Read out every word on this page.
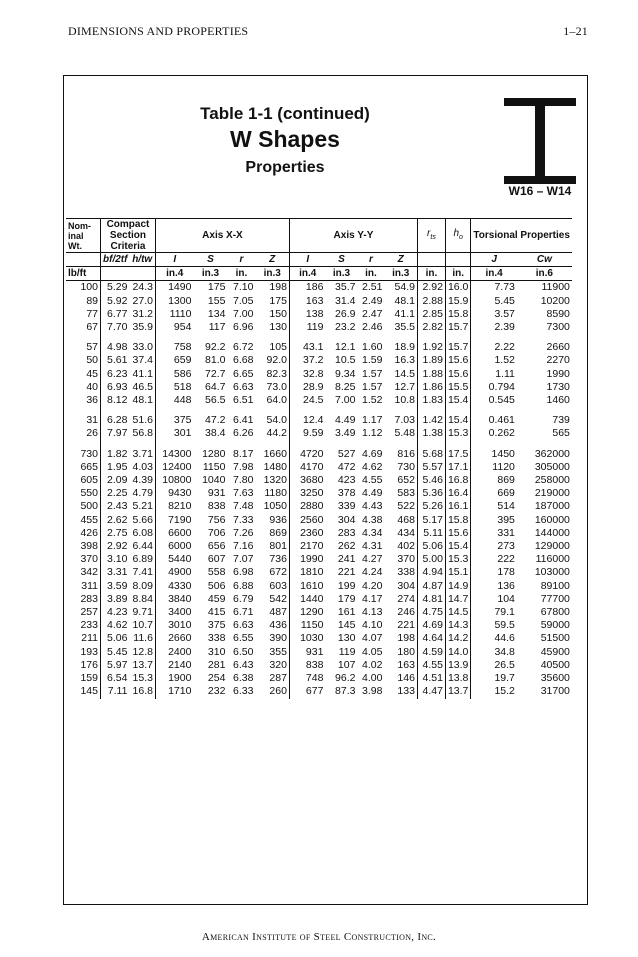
DIMENSIONS AND PROPERTIES	1–21
Table 1-1 (continued)
W Shapes
Properties
W16 – W14
Nom-inal Wt.	Compact Section Criteria		Axis X-X				Axis Y-Y				$r_{ts}$	$h_o$	Torsional Properties	

	bf/2tf	h/tw	I	S	r	Z	I	S	r	Z			J	Cw
lb/ft			in.4	in.3	in.	in.3	in.4	in.3	in.	in.3	in.	in.	in.4	in.6
100	5.29	24.3	1490	175	7.10	198	186	35.7	2.51	54.9	2.92	16.0	7.73	11900
89	5.92	27.0	1300	155	7.05	175	163	31.4	2.49	48.1	2.88	15.9	5.45	10200
77	6.77	31.2	1110	134	7.00	150	138	26.9	2.47	41.1	2.85	15.8	3.57	8590
67	7.70	35.9	954	117	6.96	130	119	23.2	2.46	35.5	2.82	15.7	2.39	7300

57	4.98	33.0	758	92.2	6.72	105	43.1	12.1	1.60	18.9	1.92	15.7	2.22	2660
50	5.61	37.4	659	81.0	6.68	92.0	37.2	10.5	1.59	16.3	1.89	15.6	1.52	2270
45	6.23	41.1	586	72.7	6.65	82.3	32.8	9.34	1.57	14.5	1.88	15.6	1.11	1990
40	6.93	46.5	518	64.7	6.63	73.0	28.9	8.25	1.57	12.7	1.86	15.5	0.794	1730
36	8.12	48.1	448	56.5	6.51	64.0	24.5	7.00	1.52	10.8	1.83	15.4	0.545	1460

31	6.28	51.6	375	47.2	6.41	54.0	12.4	4.49	1.17	7.03	1.42	15.4	0.461	739
26	7.97	56.8	301	38.4	6.26	44.2	9.59	3.49	1.12	5.48	1.38	15.3	0.262	565

730	1.82	3.71	14300	1280	8.17	1660	4720	527	4.69	816	5.68	17.5	1450	362000
665	1.95	4.03	12400	1150	7.98	1480	4170	472	4.62	730	5.57	17.1	1120	305000
605	2.09	4.39	10800	1040	7.80	1320	3680	423	4.55	652	5.46	16.8	869	258000
550	2.25	4.79	9430	931	7.63	1180	3250	378	4.49	583	5.36	16.4	669	219000
500	2.43	5.21	8210	838	7.48	1050	2880	339	4.43	522	5.26	16.1	514	187000
455	2.62	5.66	7190	756	7.33	936	2560	304	4.38	468	5.17	15.8	395	160000
426	2.75	6.08	6600	706	7.26	869	2360	283	4.34	434	5.11	15.6	331	144000
398	2.92	6.44	6000	656	7.16	801	2170	262	4.31	402	5.06	15.4	273	129000
370	3.10	6.89	5440	607	7.07	736	1990	241	4.27	370	5.00	15.3	222	116000
342	3.31	7.41	4900	558	6.98	672	1810	221	4.24	338	4.94	15.1	178	103000
311	3.59	8.09	4330	506	6.88	603	1610	199	4.20	304	4.87	14.9	136	89100
283	3.89	8.84	3840	459	6.79	542	1440	179	4.17	274	4.81	14.7	104	77700
257	4.23	9.71	3400	415	6.71	487	1290	161	4.13	246	4.75	14.5	79.1	67800
233	4.62	10.7	3010	375	6.63	436	1150	145	4.10	221	4.69	14.3	59.5	59000
211	5.06	11.6	2660	338	6.55	390	1030	130	4.07	198	4.64	14.2	44.6	51500
193	5.45	12.8	2400	310	6.50	355	931	119	4.05	180	4.59	14.0	34.8	45900
176	5.97	13.7	2140	281	6.43	320	838	107	4.02	163	4.55	13.9	26.5	40500
159	6.54	15.3	1900	254	6.38	287	748	96.2	4.00	146	4.51	13.8	19.7	35600
145	7.11	16.8	1710	232	6.33	260	677	87.3	3.98	133	4.47	13.7	15.2	31700
American Institute of Steel Construction, Inc.
